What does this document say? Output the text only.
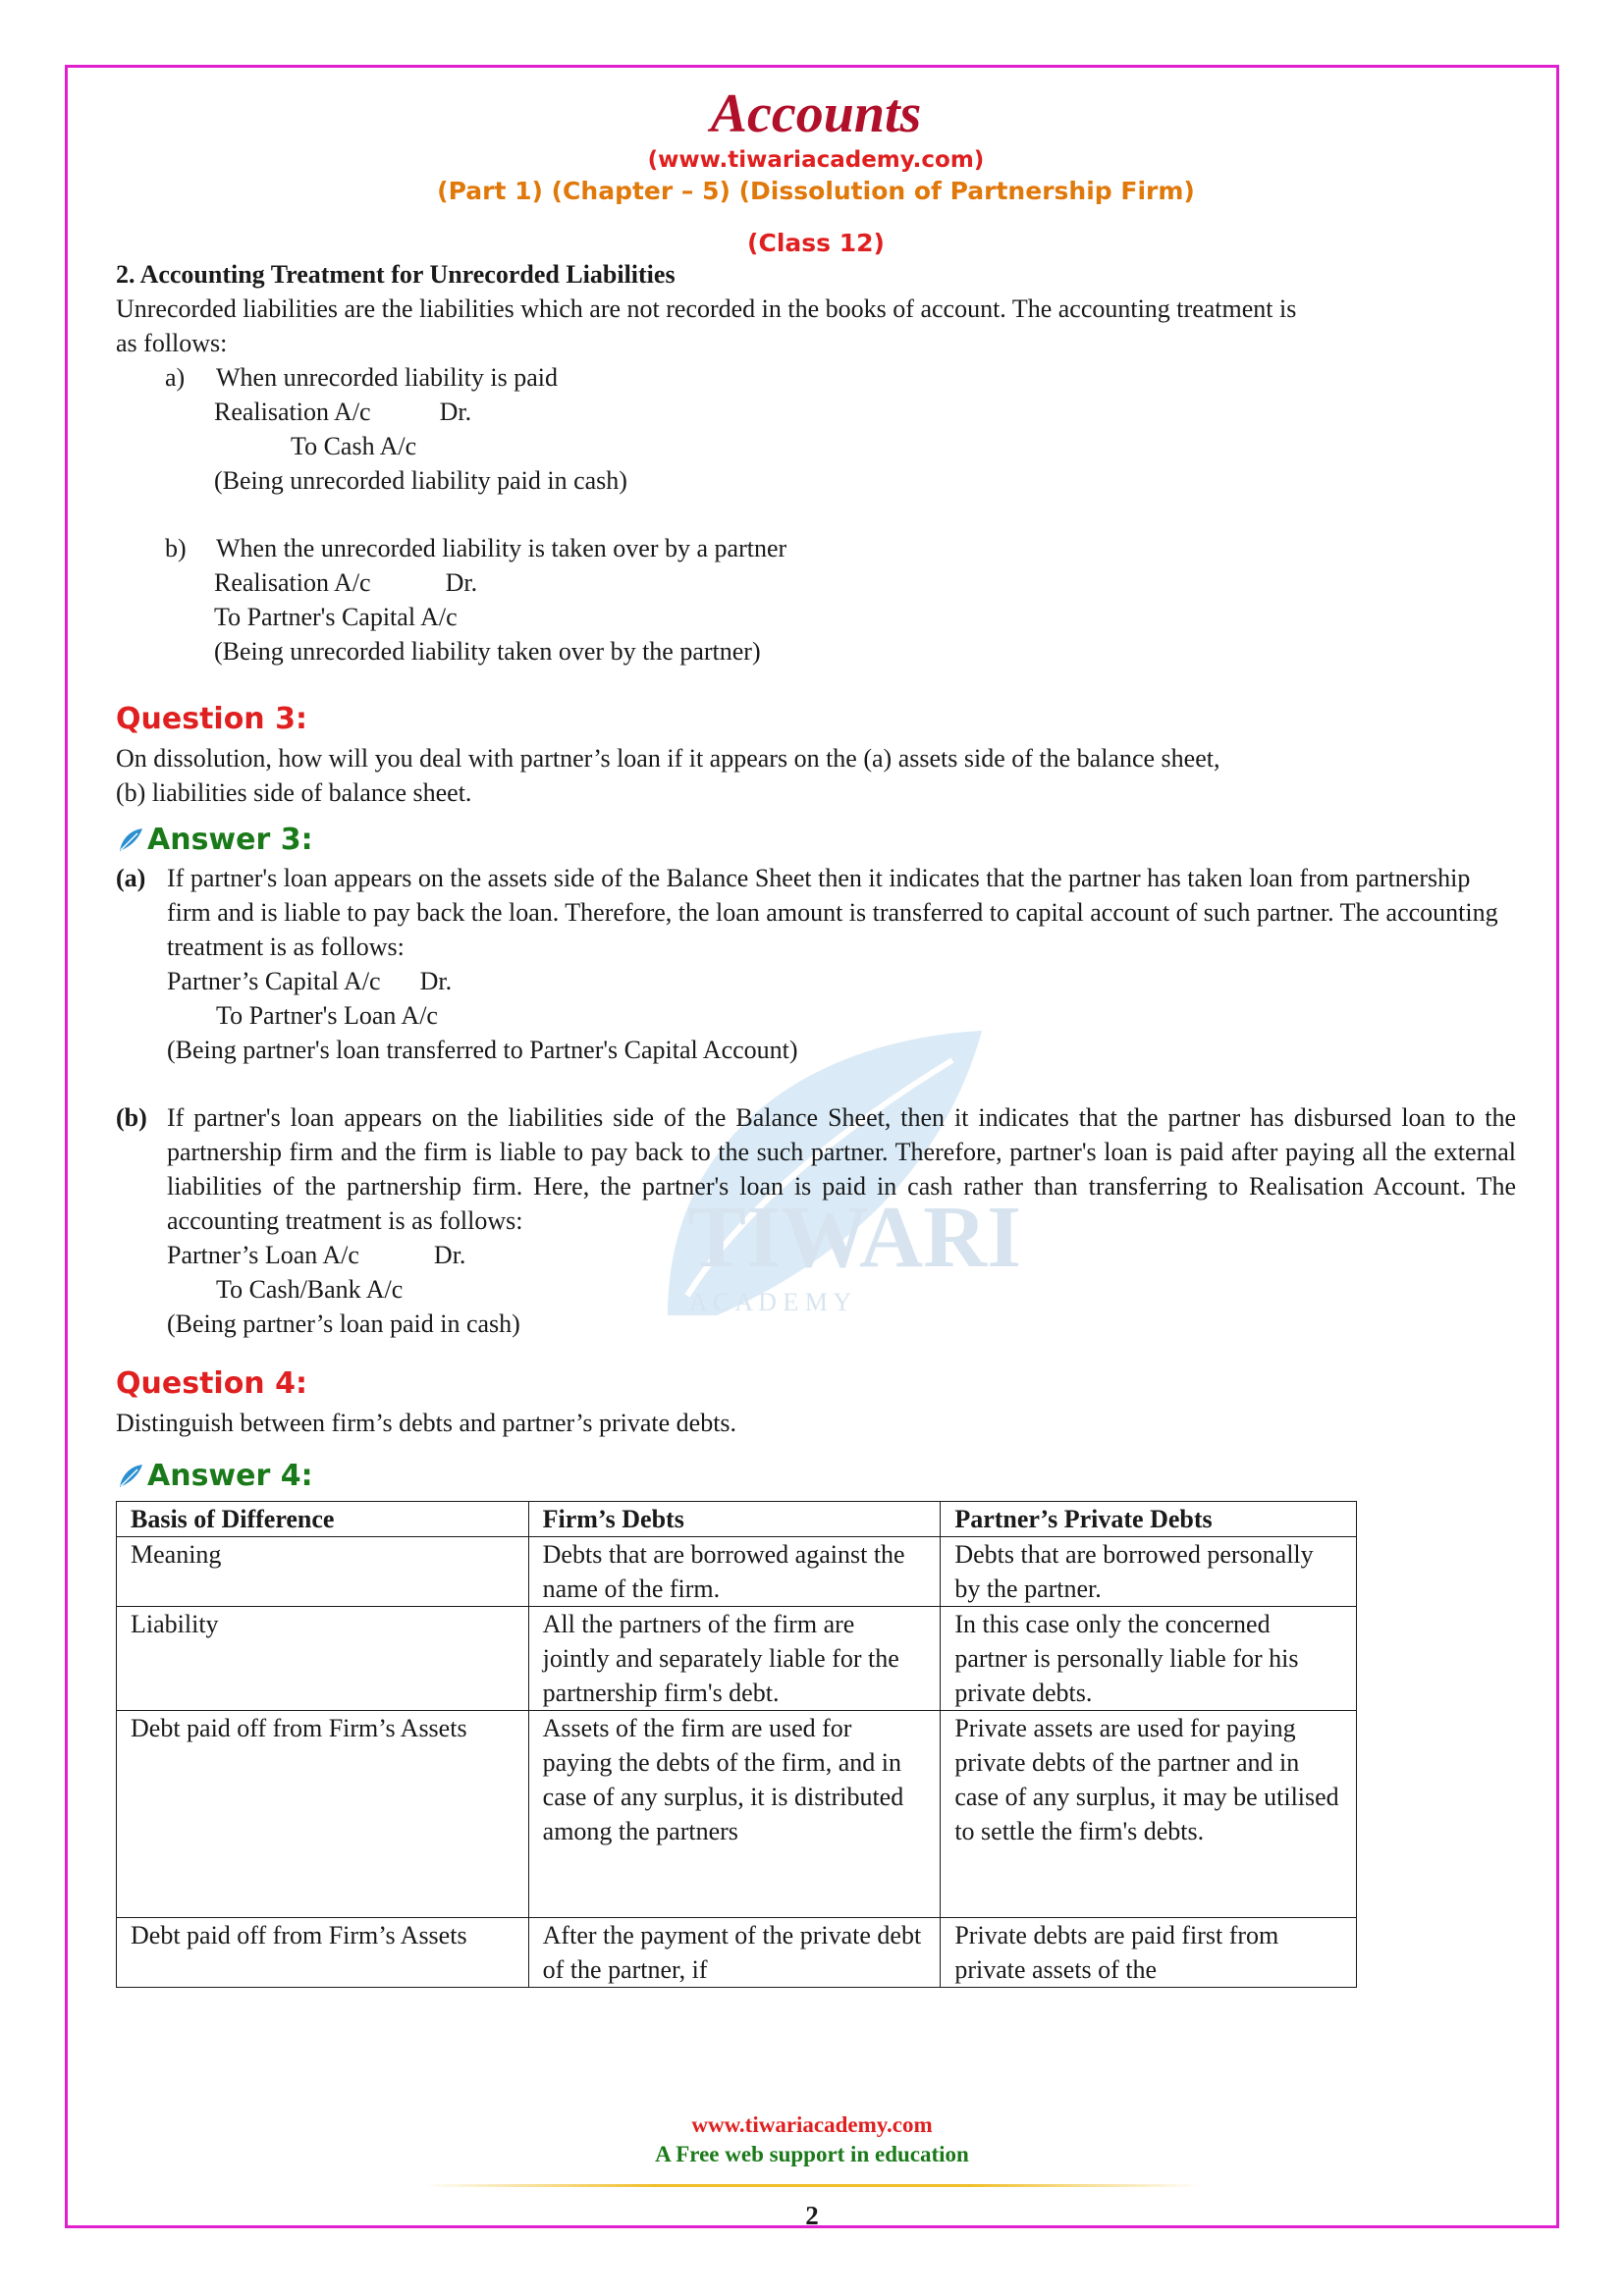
TIWARI
A C A D E M Y
Accounts
(www.tiwariacademy.com)
(Part 1) (Chapter – 5) (Dissolution of Partnership Firm)
(Class 12)
2. Accounting Treatment for Unrecorded Liabilities
Unrecorded liabilities are the liabilities which are not recorded in the books of account. The accounting treatment is
as follows:
a)	When unrecorded liability is paid
Realisation A/c	Dr.
To Cash A/c
(Being unrecorded liability paid in cash)
b)	When the unrecorded liability is taken over by a partner
Realisation A/c	Dr.
To Partner's Capital A/c
(Being unrecorded liability taken over by the partner)
Question 3:
On dissolution, how will you deal with partner’s loan if it appears on the (a) assets side of the balance sheet,
(b) liabilities side of balance sheet.
Answer 3:
(a) If partner's loan appears on the assets side of the Balance Sheet then it indicates that the partner has taken loan from partnership firm and is liable to pay back the loan. Therefore, the loan amount is transferred to capital account of such partner. The accounting treatment is as follows:
Partner’s Capital A/c Dr.
To Partner's Loan A/c
(Being partner's loan transferred to Partner's Capital Account)
(b) If partner's loan appears on the liabilities side of the Balance Sheet, then it indicates that the partner has disbursed loan to the partnership firm and the firm is liable to pay back to the such partner. Therefore, partner's loan is paid after paying all the external liabilities of the partnership firm. Here, the partner's loan is paid in cash rather than transferring to Realisation Account. The accounting treatment is as follows:
Partner’s Loan A/c	Dr.
To Cash/Bank A/c
(Being partner’s loan paid in cash)
Question 4:
Distinguish between firm’s debts and partner’s private debts.
Answer 4:
Basis of Difference	Firm’s Debts	Partner’s Private Debts
Meaning	Debts that are borrowed against the name of the firm.	Debts that are borrowed personally by the partner.
Liability	All the partners of the firm are jointly and separately liable for the partnership firm's debt.	In this case only the concerned partner is personally liable for his private debts.
Debt paid off from Firm’s Assets	Assets of the firm are used for paying the debts of the firm, and in case of any surplus, it is distributed among the partners	Private assets are used for paying private debts of the partner and in case of any surplus, it may be utilised to settle the firm's debts.
Debt paid off from Firm’s Assets	After the payment of the private debt of the partner, if	Private debts are paid first from private assets of the
www.tiwariacademy.com
A Free web support in education
2
